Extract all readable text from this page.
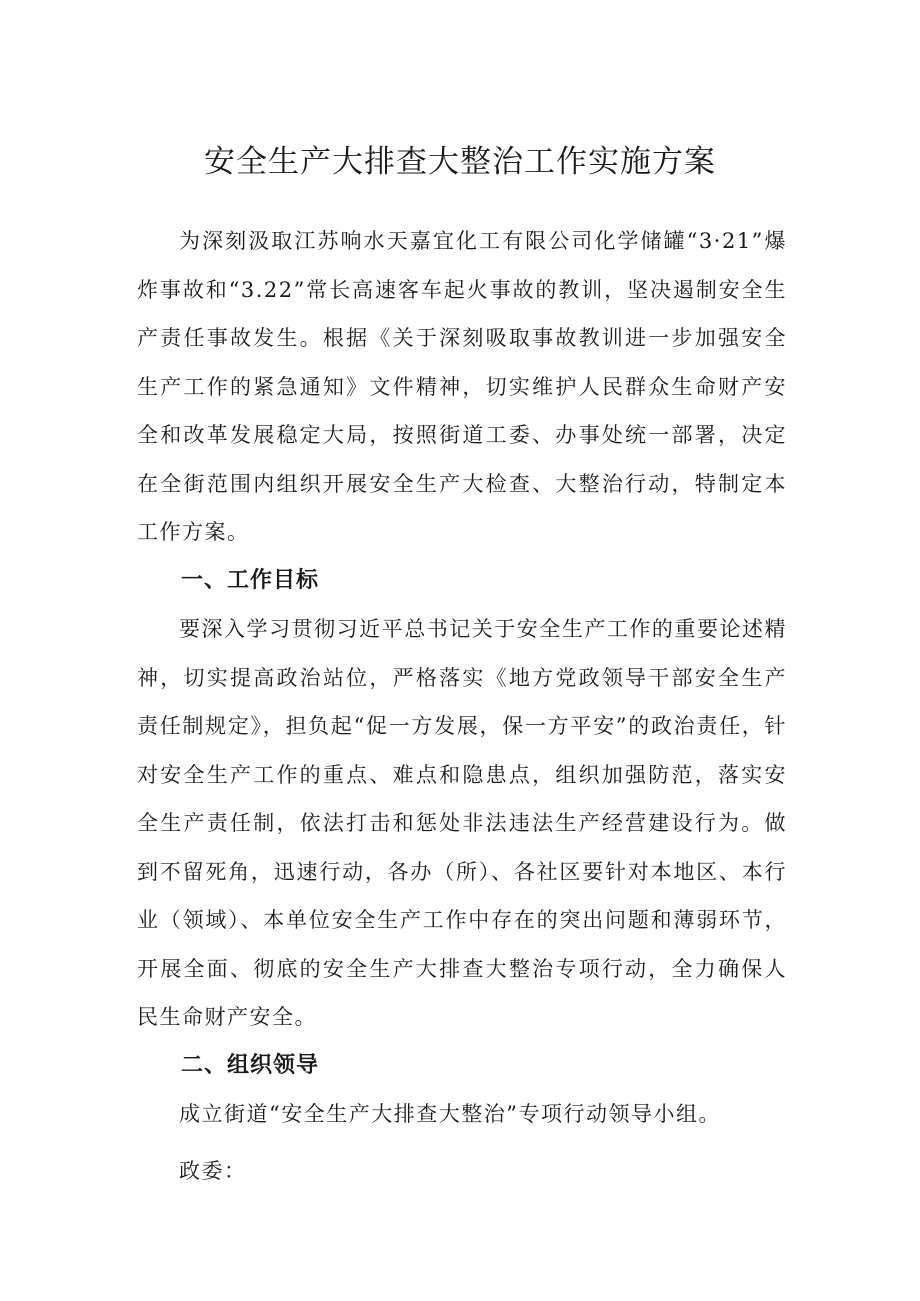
安全生产大排查大整治工作实施方案

为深刻汲取江苏响水天嘉宜化工有限公司化学储罐“3·21”爆炸事故和“3.22”常长高速客车起火事故的教训，坚决遏制安全生产责任事故发生。根据《关于深刻吸取事故教训进一步加强安全生产工作的紧急通知》文件精神，切实维护人民群众生命财产安全和改革发展稳定大局，按照街道工委、办事处统一部署，决定在全街范围内组织开展安全生产大检查、大整治行动，特制定本工作方案。

一、工作目标

要深入学习贯彻习近平总书记关于安全生产工作的重要论述精神，切实提高政治站位，严格落实《地方党政领导干部安全生产责任制规定》，担负起“促一方发展，保一方平安”的政治责任，针对安全生产工作的重点、难点和隐患点，组织加强防范，落实安全生产责任制，依法打击和惩处非法违法生产经营建设行为。做到不留死角，迅速行动，各办（所）、各社区要针对本地区、本行业（领域）、本单位安全生产工作中存在的突出问题和薄弱环节，开展全面、彻底的安全生产大排查大整治专项行动，全力确保人民生命财产安全。

二、组织领导

成立街道“安全生产大排查大整治”专项行动领导小组。

政委：
